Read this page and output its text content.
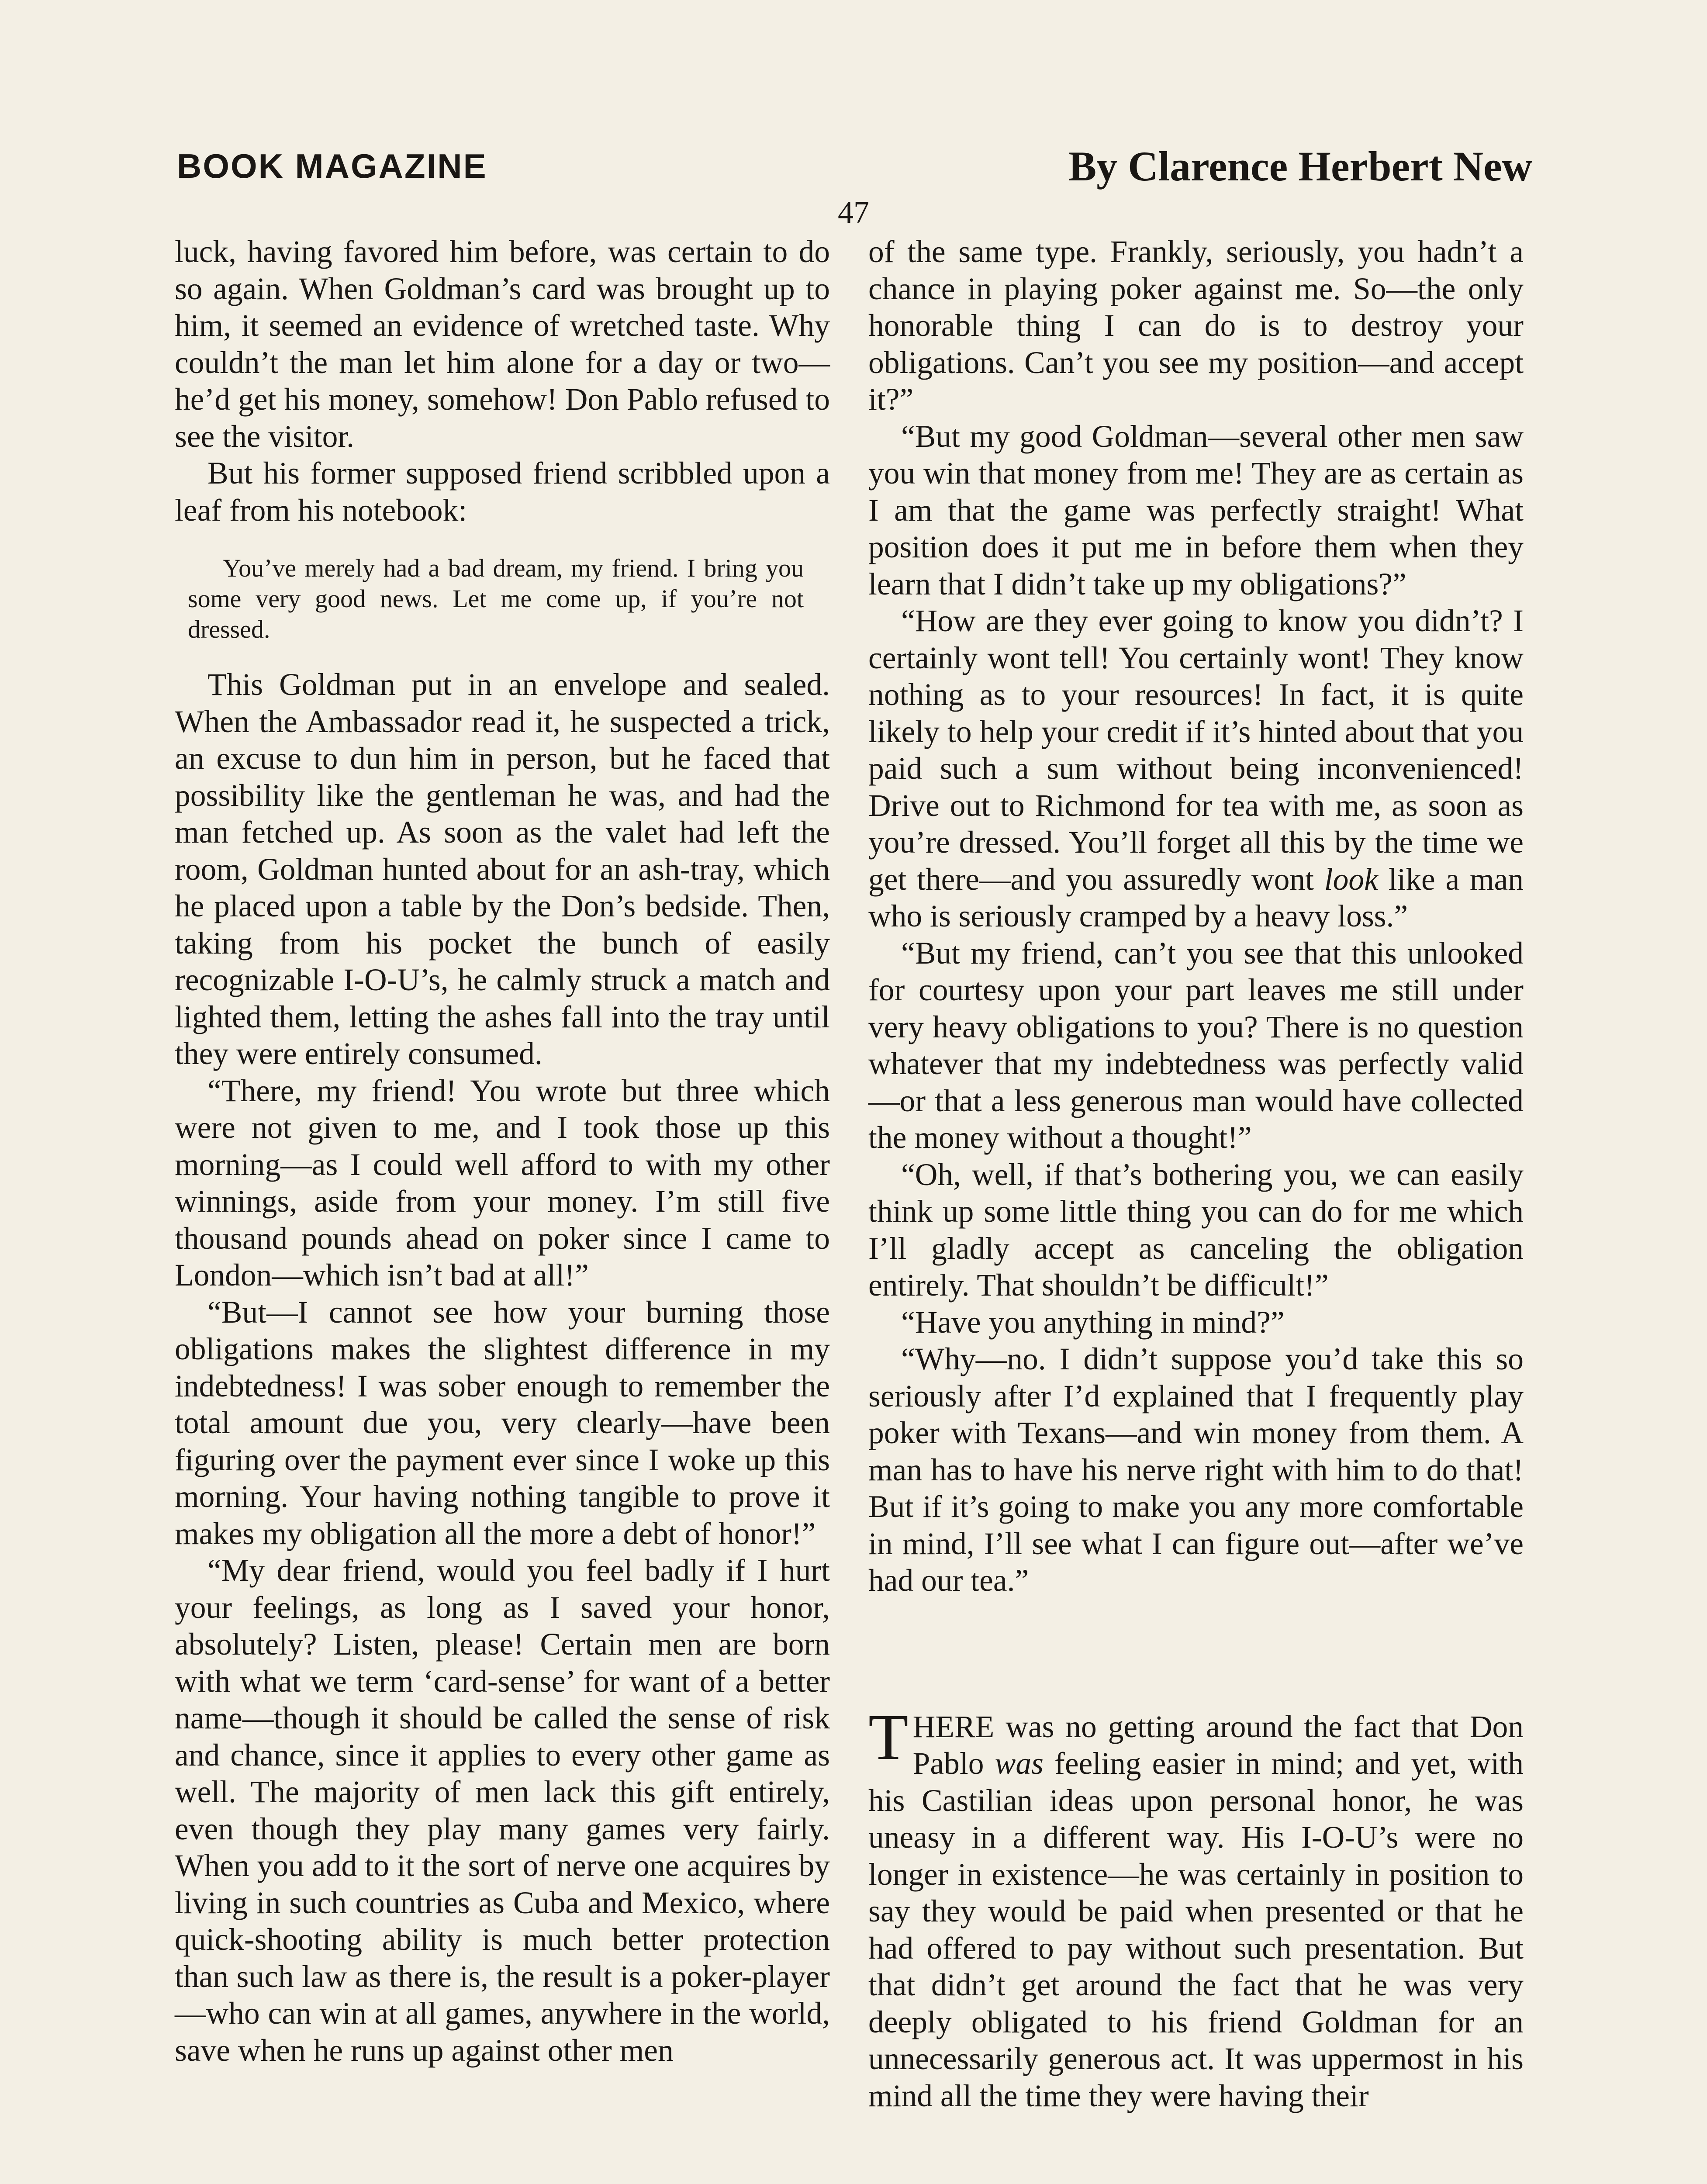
BOOK MAGAZINE	By Clarence Herbert New
47

luck, having favored him before, was certain to do so again. When Goldman’s card was brought up to him, it seemed an evidence of wretched taste. Why couldn’t the man let him alone for a day or two—he’d get his money, somehow! Don Pablo refused to see the visitor.

But his former supposed friend scribbled upon a leaf from his notebook:

You’ve merely had a bad dream, my friend. I bring you some very good news. Let me come up, if you’re not dressed.

This Goldman put in an envelope and sealed. When the Ambassador read it, he suspected a trick, an excuse to dun him in person, but he faced that possibility like the gentleman he was, and had the man fetched up. As soon as the valet had left the room, Goldman hunted about for an ash-tray, which he placed upon a table by the Don’s bedside. Then, taking from his pocket the bunch of easily recognizable I-O-U’s, he calmly struck a match and lighted them, letting the ashes fall into the tray until they were entirely consumed.

“There, my friend! You wrote but three which were not given to me, and I took those up this morning—as I could well afford to with my other winnings, aside from your money. I’m still five thousand pounds ahead on poker since I came to London—which isn’t bad at all!”

“But—I cannot see how your burning those obligations makes the slightest difference in my indebtedness! I was sober enough to remember the total amount due you, very clearly—have been figuring over the payment ever since I woke up this morning. Your having nothing tangible to prove it makes my obligation all the more a debt of honor!”

“My dear friend, would you feel badly if I hurt your feelings, as long as I saved your honor, absolutely? Listen, please! Certain men are born with what we term ‘card-sense’ for want of a better name—though it should be called the sense of risk and chance, since it applies to every other game as well. The majority of men lack this gift entirely, even though they play many games very fairly. When you add to it the sort of nerve one acquires by living in such countries as Cuba and Mexico, where quick-shooting ability is much better protection than such law as there is, the result is a poker-player—who can win at all games, anywhere in the world, save when he runs up against other men

of the same type. Frankly, seriously, you hadn’t a chance in playing poker against me. So—the only honorable thing I can do is to destroy your obligations. Can’t you see my position—and accept it?”

“But my good Goldman—several other men saw you win that money from me! They are as certain as I am that the game was perfectly straight! What position does it put me in before them when they learn that I didn’t take up my obligations?”

“How are they ever going to know you didn’t? I certainly wont tell! You certainly wont! They know nothing as to your resources! In fact, it is quite likely to help your credit if it’s hinted about that you paid such a sum without being inconvenienced! Drive out to Richmond for tea with me, as soon as you’re dressed. You’ll forget all this by the time we get there—and you assuredly wont look like a man who is seriously cramped by a heavy loss.”

“But my friend, can’t you see that this unlooked for courtesy upon your part leaves me still under very heavy obligations to you? There is no question whatever that my indebtedness was perfectly valid—or that a less generous man would have collected the money without a thought!”

“Oh, well, if that’s bothering you, we can easily think up some little thing you can do for me which I’ll gladly accept as canceling the obligation entirely. That shouldn’t be difficult!”

“Have you anything in mind?”

“Why—no. I didn’t suppose you’d take this so seriously after I’d explained that I frequently play poker with Texans—and win money from them. A man has to have his nerve right with him to do that! But if it’s going to make you any more comfortable in mind, I’ll see what I can figure out—after we’ve had our tea.”

THERE was no getting around the fact that Don Pablo was feeling easier in mind; and yet, with his Castilian ideas upon personal honor, he was uneasy in a different way. His I-O-U’s were no longer in existence—he was certainly in position to say they would be paid when presented or that he had offered to pay without such presentation. But that didn’t get around the fact that he was very deeply obligated to his friend Goldman for an unnecessarily generous act. It was uppermost in his mind all the time they were having their
